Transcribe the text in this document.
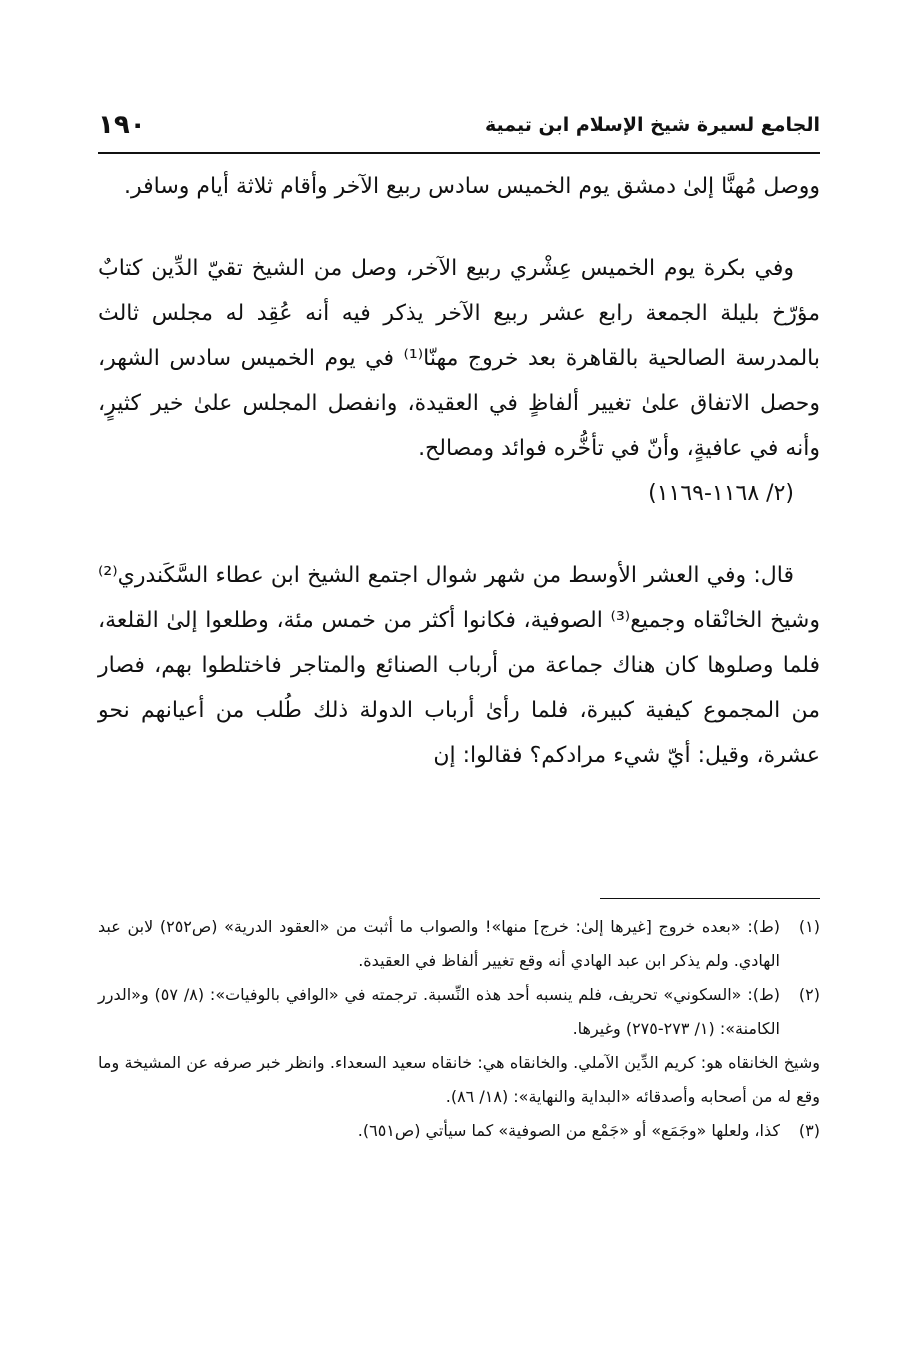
الجامع لسيرة شيخ الإسلام ابن تيمية
١٩٠

ووصل مُهنَّا إلىٰ دمشق يوم الخميس سادس ربيع الآخر وأقام ثلاثة أيام وسافر.

وفي بكرة يوم الخميس عِشْري ربيع الآخر، وصل من الشيخ تقيّ الدِّين كتابٌ مؤرّخ بليلة الجمعة رابع عشر ربيع الآخر يذكر فيه أنه عُقِد له مجلس ثالث بالمدرسة الصالحية بالقاهرة بعد خروج مهنّا⁽¹⁾ في يوم الخميس سادس الشهر، وحصل الاتفاق علىٰ تغيير ألفاظٍ في العقيدة، وانفصل المجلس علىٰ خير كثيرٍ، وأنه في عافيةٍ، وأنّ في تأخُّره فوائد ومصالح.
(٢/ ١١٦٨-١١٦٩)

قال: وفي العشر الأوسط من شهر شوال اجتمع الشيخ ابن عطاء السَّكَندري⁽²⁾ وشيخ الخانْقاه وجميع⁽³⁾ الصوفية، فكانوا أكثر من خمس مئة، وطلعوا إلىٰ القلعة، فلما وصلوها كان هناك جماعة من أرباب الصنائع والمتاجر فاختلطوا بهم، فصار من المجموع كيفية كبيرة، فلما رأىٰ أرباب الدولة ذلك طُلب من أعيانهم نحو عشرة، وقيل: أيّ شيء مرادكم؟ فقالوا: إن

(١)
(ط): «بعده خروج [غيرها إلىٰ: خرج] منها»! والصواب ما أثبت من «العقود الدرية» (ص٢٥٢) لابن عبد الهادي. ولم يذكر ابن عبد الهادي أنه وقع تغيير ألفاظ في العقيدة.
(٢)
(ط): «السكوني» تحريف، فلم ينسبه أحد هذه النِّسبة. ترجمته في «الوافي بالوفيات»: (٨/ ٥٧) و«الدرر الكامنة»: (١/ ٢٧٣-٢٧٥) وغيرها.

وشيخ الخانقاه هو: كريم الدِّين الآملي. والخانقاه هي: خانقاه سعيد السعداء. وانظر خبر صرفه عن المشيخة وما وقع له من أصحابه وأصدقائه «البداية والنهاية»: (١٨/ ٨٦).

(٣)
كذا، ولعلها «وجَمَع» أو «جَمْع من الصوفية» كما سيأتي (ص٦٥١).
